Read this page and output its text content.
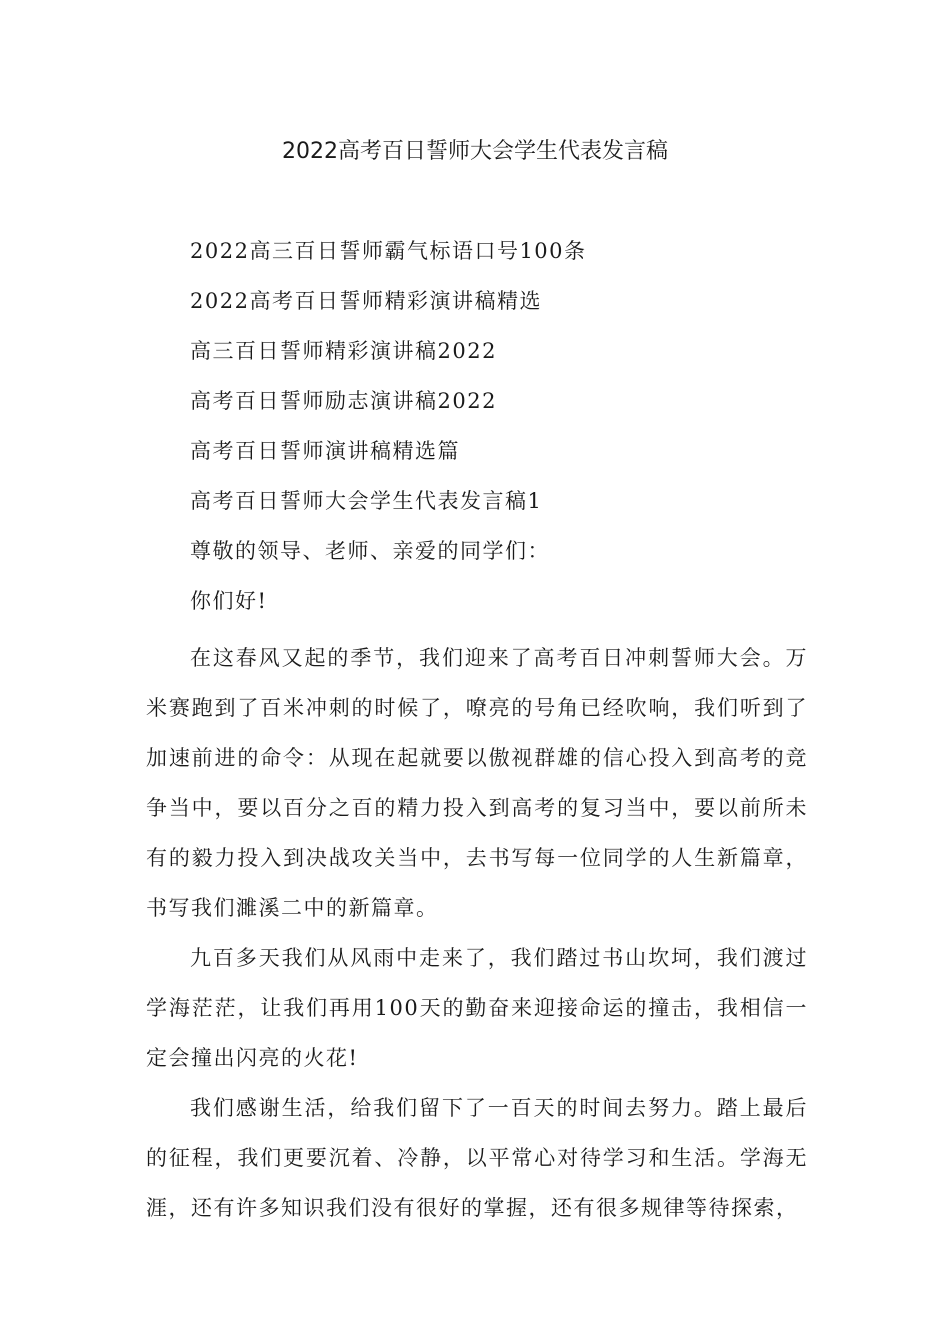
2022高考百日誓师大会学生代表发言稿

2022高三百日誓师霸气标语口号100条

2022高考百日誓师精彩演讲稿精选

高三百日誓师精彩演讲稿2022

高考百日誓师励志演讲稿2022

高考百日誓师演讲稿精选篇

高考百日誓师大会学生代表发言稿1

尊敬的领导、老师、亲爱的同学们：

你们好!

在这春风又起的季节，我们迎来了高考百日冲刺誓师大会。万米赛跑到了百米冲刺的时候了，嘹亮的号角已经吹响，我们听到了加速前进的命令：从现在起就要以傲视群雄的信心投入到高考的竞争当中，要以百分之百的精力投入到高考的复习当中，要以前所未有的毅力投入到决战攻关当中，去书写每一位同学的人生新篇章，书写我们濉溪二中的新篇章。

九百多天我们从风雨中走来了，我们踏过书山坎坷，我们渡过学海茫茫，让我们再用100天的勤奋来迎接命运的撞击，我相信一定会撞出闪亮的火花!

我们感谢生活，给我们留下了一百天的时间去努力。踏上最后的征程，我们更要沉着、冷静，以平常心对待学习和生活。学海无涯，还有许多知识我们没有很好的掌握，还有很多规律等待探索，
